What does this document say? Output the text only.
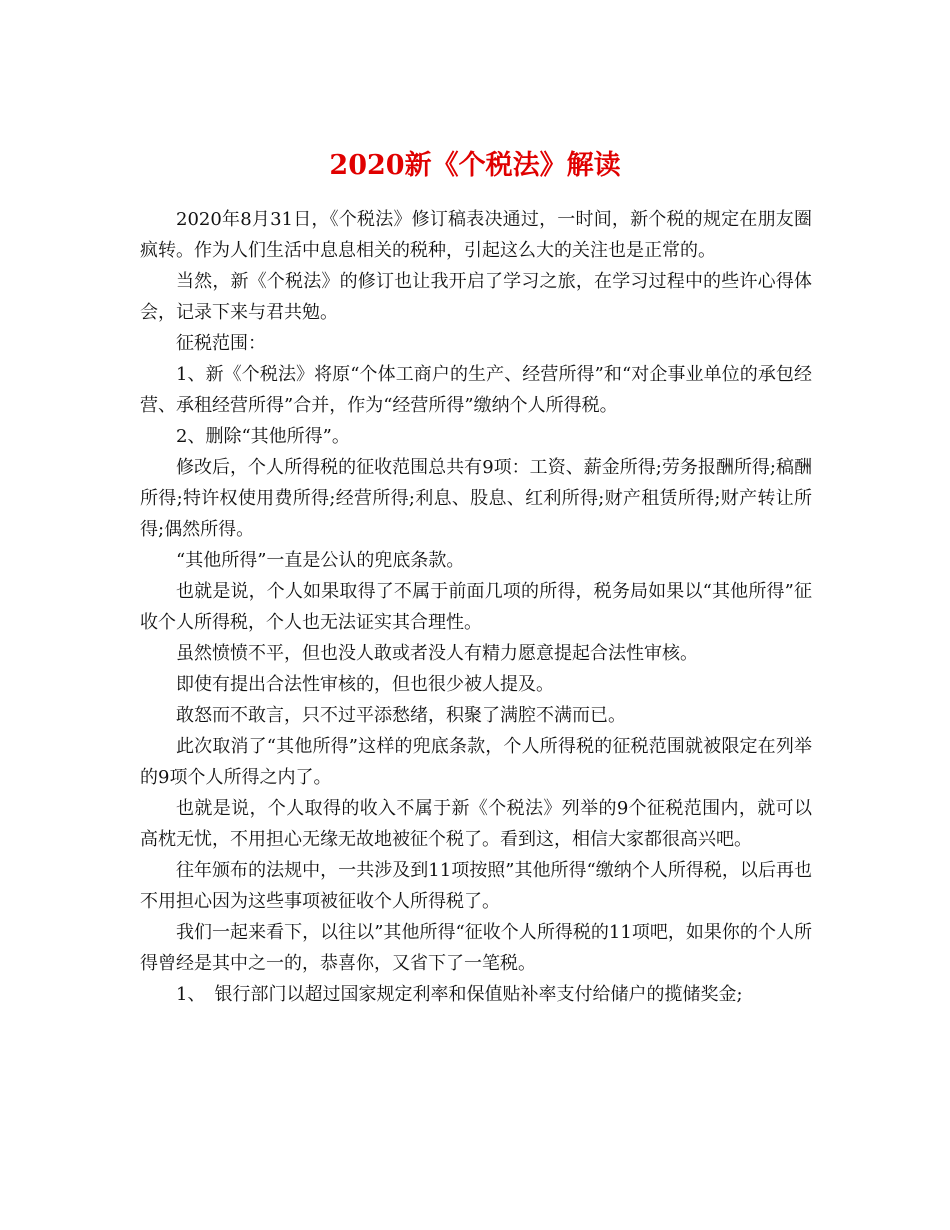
2020新《个税法》解读

2020年8月31日，《个税法》修订稿表决通过，一时间，新个税的规定在朋友圈疯转。作为人们生活中息息相关的税种，引起这么大的关注也是正常的。

当然，新《个税法》的修订也让我开启了学习之旅，在学习过程中的些许心得体会，记录下来与君共勉。

征税范围：

1、新《个税法》将原“个体工商户的生产、经营所得”和“对企事业单位的承包经营、承租经营所得”合并，作为“经营所得”缴纳个人所得税。

2、删除“其他所得”。

修改后，个人所得税的征收范围总共有9项：工资、薪金所得;劳务报酬所得;稿酬所得;特许权使用费所得;经营所得;利息、股息、红利所得;财产租赁所得;财产转让所得;偶然所得。

“其他所得”一直是公认的兜底条款。

也就是说，个人如果取得了不属于前面几项的所得，税务局如果以“其他所得”征收个人所得税，个人也无法证实其合理性。

虽然愤愤不平，但也没人敢或者没人有精力愿意提起合法性审核。

即使有提出合法性审核的，但也很少被人提及。

敢怒而不敢言，只不过平添愁绪，积聚了满腔不满而已。

此次取消了“其他所得”这样的兜底条款，个人所得税的征税范围就被限定在列举的9项个人所得之内了。

也就是说，个人取得的收入不属于新《个税法》列举的9个征税范围内，就可以高枕无忧，不用担心无缘无故地被征个税了。看到这，相信大家都很高兴吧。

往年颁布的法规中，一共涉及到11项按照”其他所得“缴纳个人所得税，以后再也不用担心因为这些事项被征收个人所得税了。

我们一起来看下，以往以”其他所得“征收个人所得税的11项吧，如果你的个人所得曾经是其中之一的，恭喜你，又省下了一笔税。

1、　银行部门以超过国家规定利率和保值贴补率支付给储户的揽储奖金;
